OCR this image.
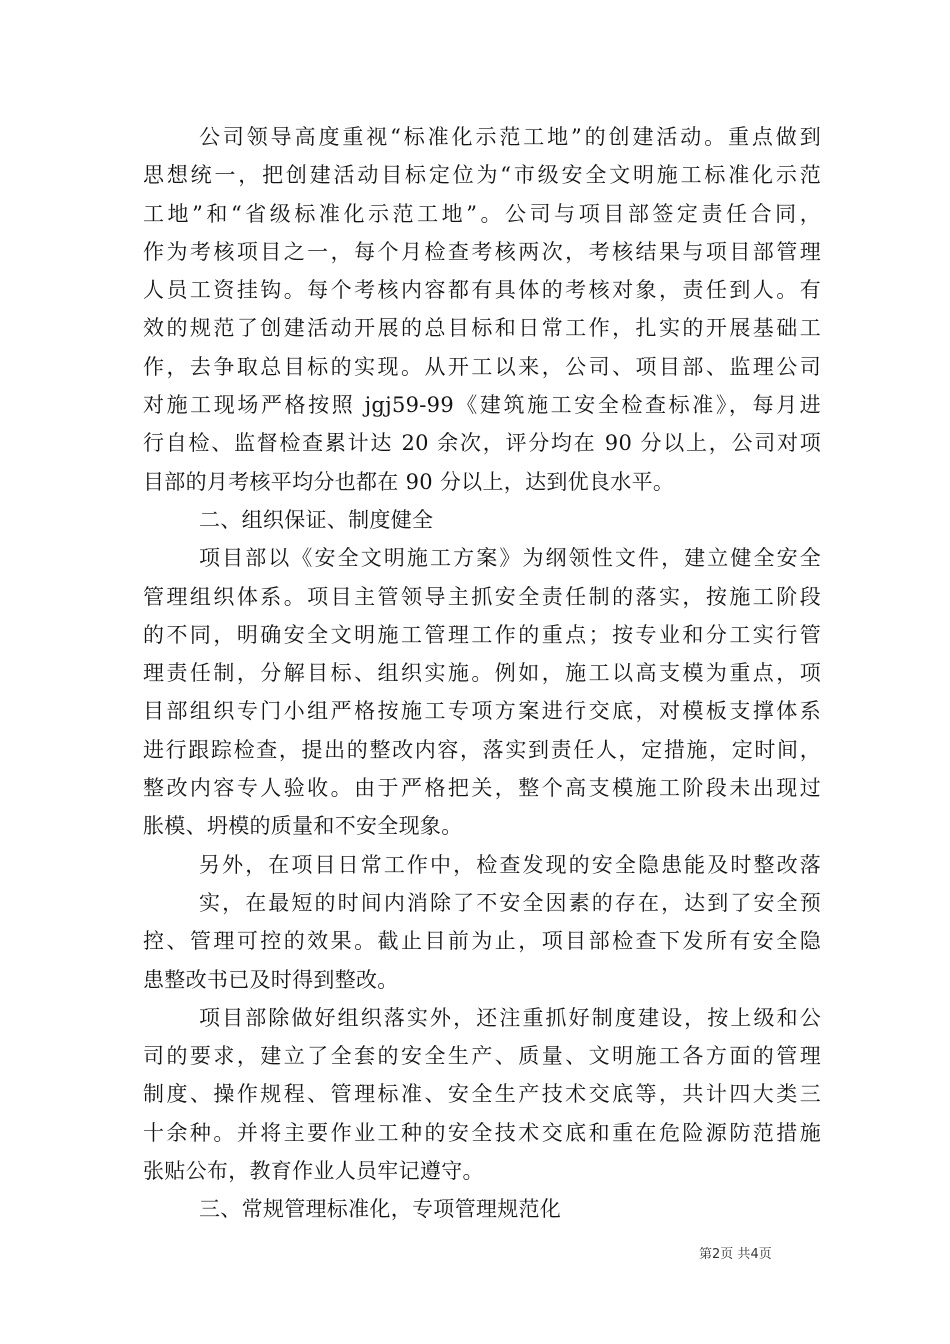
公司领导高度重视“标准化示范工地”的创建活动。重点做到
思想统一，把创建活动目标定位为“市级安全文明施工标准化示范
工地”和“省级标准化示范工地”。公司与项目部签定责任合同，
作为考核项目之一，每个月检查考核两次，考核结果与项目部管理
人员工资挂钩。每个考核内容都有具体的考核对象，责任到人。有
效的规范了创建活动开展的总目标和日常工作，扎实的开展基础工
作，去争取总目标的实现。从开工以来，公司、项目部、监理公司
对施工现场严格按照 jgj59-99《建筑施工安全检查标准》，每月进
行自检、监督检查累计达 20 余次，评分均在 90 分以上，公司对项
目部的月考核平均分也都在 90 分以上，达到优良水平。
二、组织保证、制度健全
项目部以《安全文明施工方案》为纲领性文件，建立健全安全
管理组织体系。项目主管领导主抓安全责任制的落实，按施工阶段
的不同，明确安全文明施工管理工作的重点；按专业和分工实行管
理责任制，分解目标、组织实施。例如，施工以高支模为重点，项
目部组织专门小组严格按施工专项方案进行交底，对模板支撑体系
进行跟踪检查，提出的整改内容，落实到责任人，定措施，定时间，
整改内容专人验收。由于严格把关，整个高支模施工阶段未出现过
胀模、坍模的质量和不安全现象。
另外，在项目日常工作中，检查发现的安全隐患能及时整改落
实，在最短的时间内消除了不安全因素的存在，达到了安全预
控、管理可控的效果。截止目前为止，项目部检查下发所有安全隐
患整改书已及时得到整改。
项目部除做好组织落实外，还注重抓好制度建设，按上级和公
司的要求，建立了全套的安全生产、质量、文明施工各方面的管理
制度、操作规程、管理标准、安全生产技术交底等，共计四大类三
十余种。并将主要作业工种的安全技术交底和重在危险源防范措施
张贴公布，教育作业人员牢记遵守。
三、常规管理标准化，专项管理规范化
第2页 共4页
